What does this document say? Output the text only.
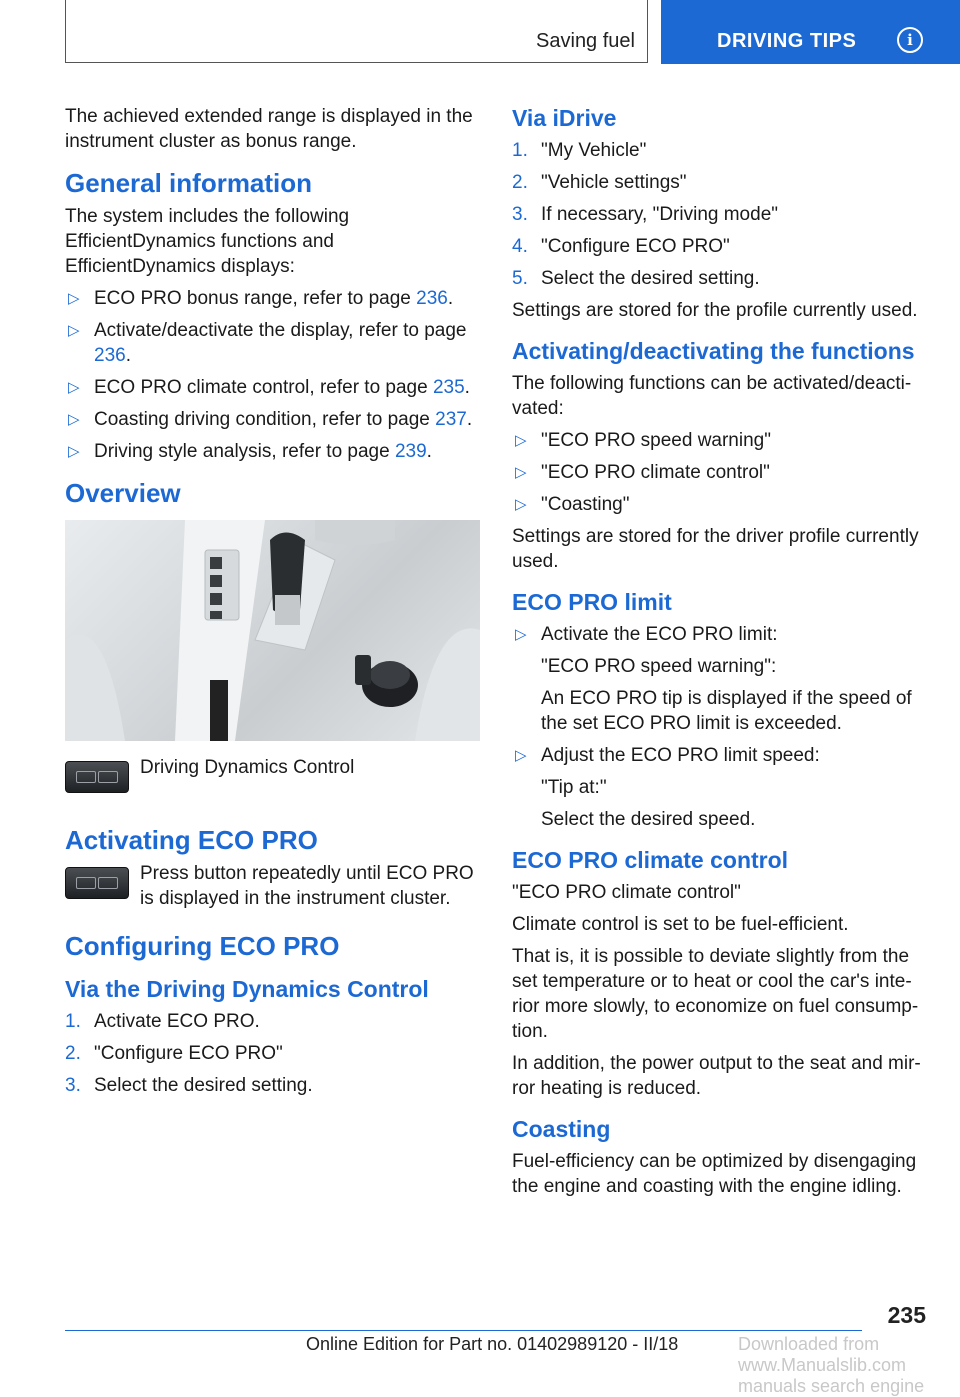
Saving fuel	DRIVING TIPS	i

The achieved extended range is displayed in the instrument cluster as bonus range.

General information

The system includes the following EfficientDynamics functions and EfficientDynamics displays:

▷ ECO PRO bonus range, refer to page 236.
▷ Activate/deactivate the display, refer to page 236.
▷ ECO PRO climate control, refer to page 235.
▷ Coasting driving condition, refer to page 237.
▷ Driving style analysis, refer to page 239.
Overview
Driving Dynamics Control
Activating ECO PRO
Press button repeatedly until ECO PRO is displayed in the instrument cluster.
Configuring ECO PRO
Via the Driving Dynamics Control
1. Activate ECO PRO.
2. "Configure ECO PRO"
3. Select the desired setting.
Via iDrive
1. "My Vehicle"
2. "Vehicle settings"
3. If necessary, "Driving mode"
4. "Configure ECO PRO"
5. Select the desired setting.

Settings are stored for the profile currently used.

Activating/deactivating the functions

The following functions can be activated/deacti‐vated:

▷ "ECO PRO speed warning"
▷ "ECO PRO climate control"
▷ "Coasting"

Settings are stored for the driver profile currently used.

ECO PRO limit
▷ Activate the ECO PRO limit:
"ECO PRO speed warning":
An ECO PRO tip is displayed if the speed of the set ECO PRO limit is exceeded.
▷ Adjust the ECO PRO limit speed:
"Tip at:"
Select the desired speed.
ECO PRO climate control

"ECO PRO climate control"

Climate control is set to be fuel-efficient.

That is, it is possible to deviate slightly from the set temperature or to heat or cool the car's inte‐rior more slowly, to economize on fuel consump‐tion.

In addition, the power output to the seat and mir‐ror heating is reduced.

Coasting

Fuel-efficiency can be optimized by disengaging the engine and coasting with the engine idling.

235
Online Edition for Part no. 01402989120 - II/18	Downloaded from www.Manualslib.com manuals search engine
